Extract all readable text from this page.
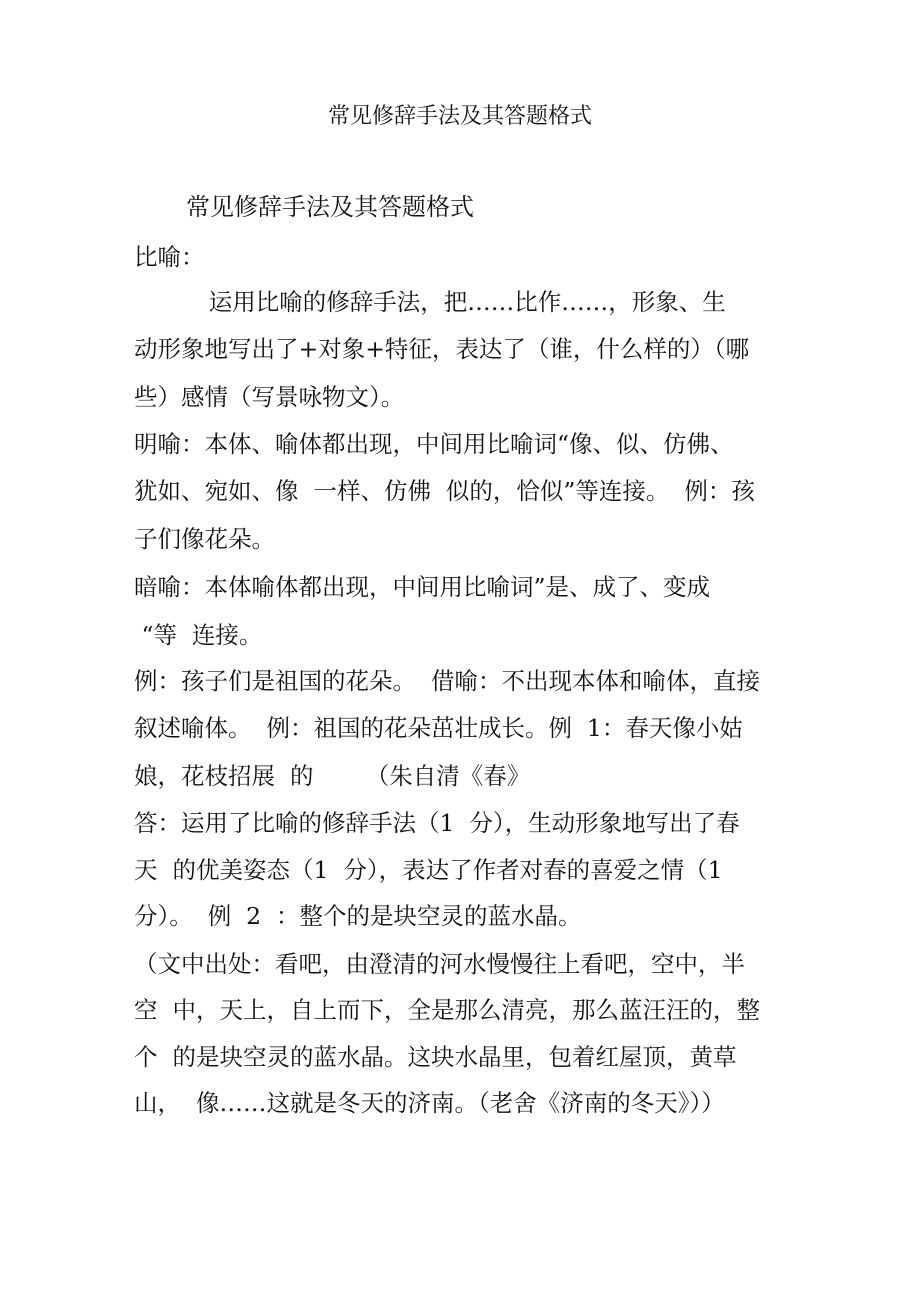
常见修辞手法及其答题格式
常见修辞手法及其答题格式
比喻：
运用比喻的修辞手法，把……比作……，形象、生
动形象地写出了+对象+特征，表达了（谁，什么样的）（哪
些）感情（写景咏物文）。
明喻：本体、喻体都出现，中间用比喻词“像、似、仿佛、
犹如、宛如、像  一样、仿佛  似的，恰似”等连接。  例：孩
子们像花朵。
暗喻：本体喻体都出现，中间用比喻词”是、成了、变成
“等  连接。
例：孩子们是祖国的花朵。  借喻：不出现本体和喻体，直接
叙述喻体。  例：祖国的花朵茁壮成长。例  1：春天像小姑
娘，花枝招展  的       （朱自清《春》
答：运用了比喻的修辞手法（1  分），生动形象地写出了春
天  的优美姿态（1  分），表达了作者对春的喜爱之情（1
分）。  例  2  ：整个的是块空灵的蓝水晶。
（文中出处：看吧，由澄清的河水慢慢往上看吧，空中，半
空  中，天上，自上而下，全是那么清亮，那么蓝汪汪的，整
个  的是块空灵的蓝水晶。这块水晶里，包着红屋顶，黄草
山，  像……这就是冬天的济南。（老舍《济南的冬天》））
